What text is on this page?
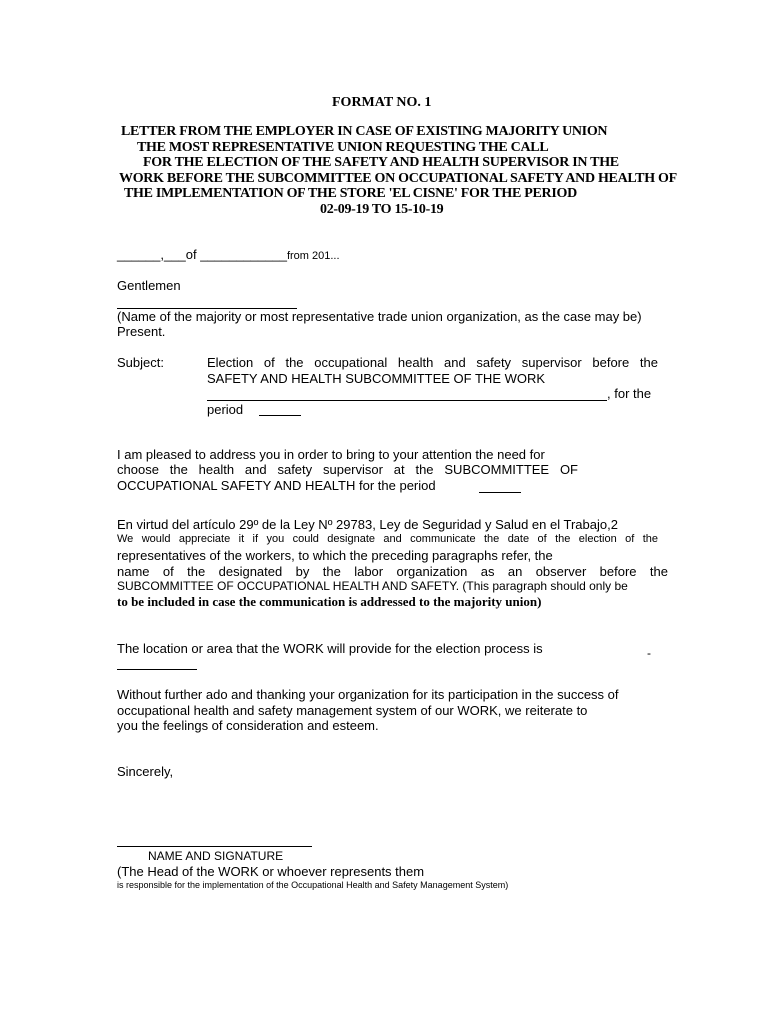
FORMAT NO. 1
LETTER FROM THE EMPLOYER IN CASE OF EXISTING MAJORITY UNION
THE MOST REPRESENTATIVE UNION REQUESTING THE CALL
FOR THE ELECTION OF THE SAFETY AND HEALTH SUPERVISOR IN THE
WORK BEFORE THE SUBCOMMITTEE ON OCCUPATIONAL SAFETY AND HEALTH OF
THE IMPLEMENTATION OF THE STORE 'EL CISNE' FOR THE PERIOD
02-09-19 TO 15-10-19
______,___of ____________from 201...
Gentlemen
(Name of the majority or most representative trade union organization, as the case may be)
Present.
Subject:	Election of the occupational health and safety supervisor before the
SAFETY AND HEALTH SUBCOMMITTEE OF THE WORK
, for the
period
I am pleased to address you in order to bring to your attention the need for
choose the health and safety supervisor at the SUBCOMMITTEE OF
OCCUPATIONAL SAFETY AND HEALTH for the period
En virtud del artículo 29º de la Ley Nº 29783, Ley de Seguridad y Salud en el Trabajo,2
We would appreciate it if you could designate and communicate the date of the election of the
representatives of the workers, to which the preceding paragraphs refer, the
name of the designated by the labor organization as an observer before the
SUBCOMMITTEE OF OCCUPATIONAL HEALTH AND SAFETY. (This paragraph should only be
to be included in case the communication is addressed to the majority union)
The location or area that the WORK will provide for the election process is	-
Without further ado and thanking your organization for its participation in the success of
occupational health and safety management system of our WORK, we reiterate to
you the feelings of consideration and esteem.
Sincerely,
NAME AND SIGNATURE
(The Head of the WORK or whoever represents them
is responsible for the implementation of the Occupational Health and Safety Management System)
